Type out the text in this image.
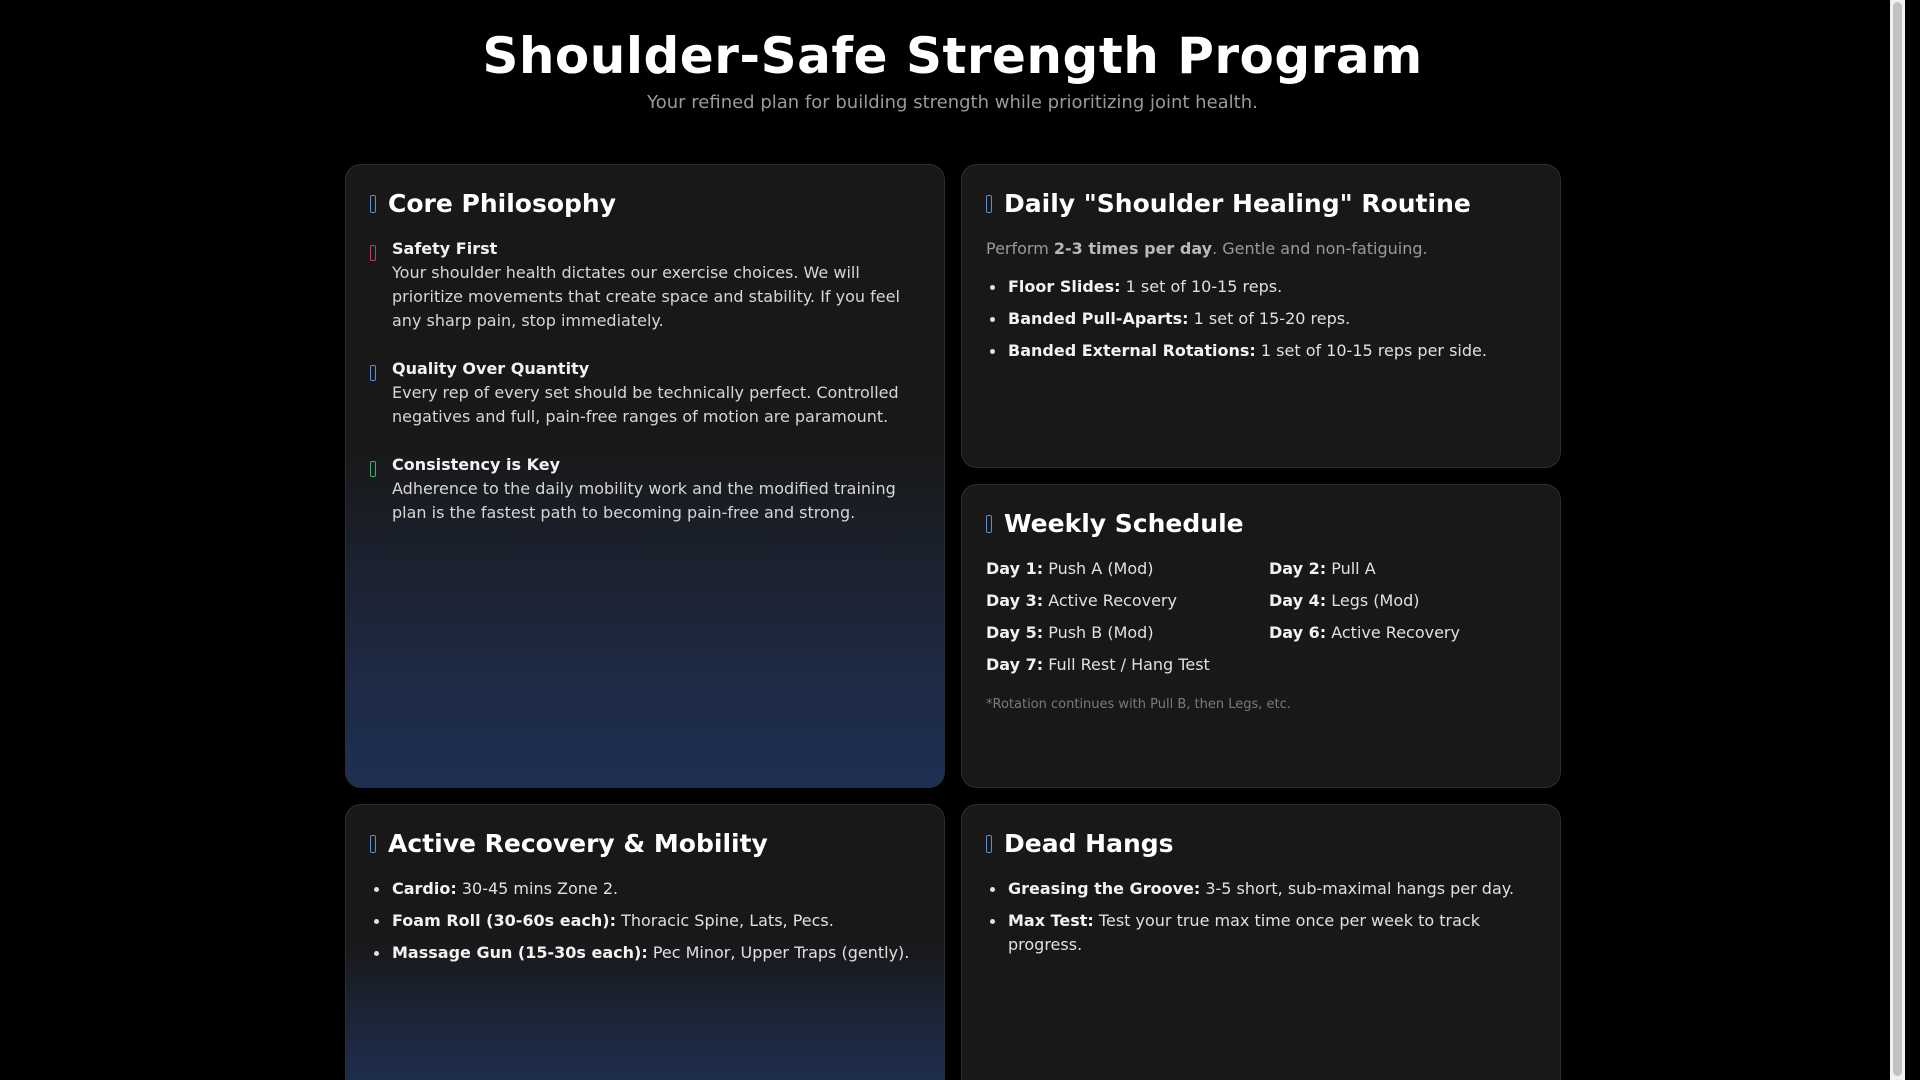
Shoulder-Safe Strength Program

Your refined plan for building strength while prioritizing joint health.

Core Philosophy
Safety First

Your shoulder health dictates our exercise choices. We will prioritize movements that create space and stability. If you feel any sharp pain, stop immediately.

Quality Over Quantity

Every rep of every set should be technically perfect. Controlled negatives and full, pain-free ranges of motion are paramount.

Consistency is Key

Adherence to the daily mobility work and the modified training plan is the fastest path to becoming pain-free and strong.

Daily "Shoulder Healing" Routine

Perform 2-3 times per day. Gentle and non-fatiguing.

Floor Slides: 1 set of 10-15 reps.
Banded Pull-Aparts: 1 set of 15-20 reps.
Banded External Rotations: 1 set of 10-15 reps per side.
Weekly Schedule
Day 1: Push A (Mod)	Day 2: Pull A
Day 3: Active Recovery	Day 4: Legs (Mod)
Day 5: Push B (Mod)	Day 6: Active Recovery
Day 7: Full Rest / Hang Test
*Rotation continues with Pull B, then Legs, etc.
Active Recovery & Mobility
Cardio: 30-45 mins Zone 2.
Foam Roll (30-60s each): Thoracic Spine, Lats, Pecs.
Massage Gun (15-30s each): Pec Minor, Upper Traps (gently).
Dead Hangs
Greasing the Groove: 3-5 short, sub-maximal hangs per day.
Max Test: Test your true max time once per week to track progress.
